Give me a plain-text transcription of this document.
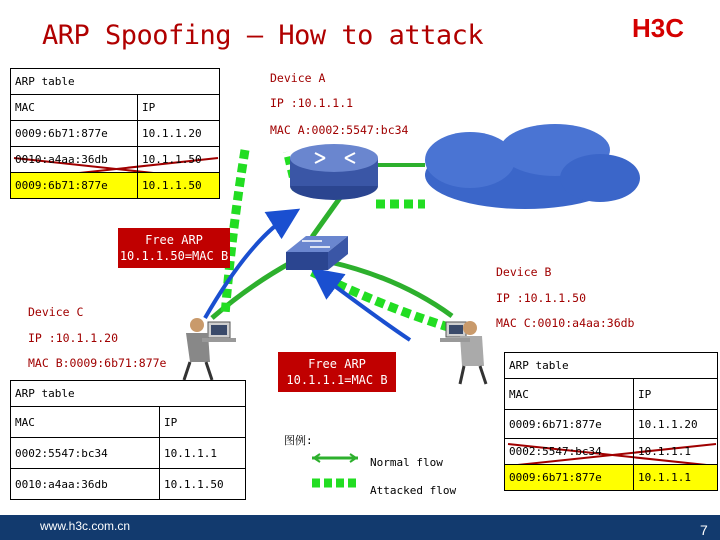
ARP Spoofing – How to attack	H3C
Device A
IP :10.1.1.1
MAC A:0002:5547:bc34
Device B
IP :10.1.1.50
MAC C:0010:a4aa:36db
Device C
IP :10.1.1.20
MAC B:0009:6b71:877e
ARP table	
MAC	IP
0009:6b71:877e	10.1.1.20
0010:a4aa:36db	10.1.1.50
0009:6b71:877e	10.1.1.50
ARP table	
MAC	IP
0002:5547:bc34	10.1.1.1
0010:a4aa:36db	10.1.1.50
ARP table	
MAC	IP
0009:6b71:877e	10.1.1.20
0002:5547:bc34	10.1.1.1
0009:6b71:877e	10.1.1.1
Free ARP
10.1.1.50=MAC B
Free ARP
10.1.1.1=MAC B
图例:
Normal flow
Attacked flow
www.h3c.com.cn	7
